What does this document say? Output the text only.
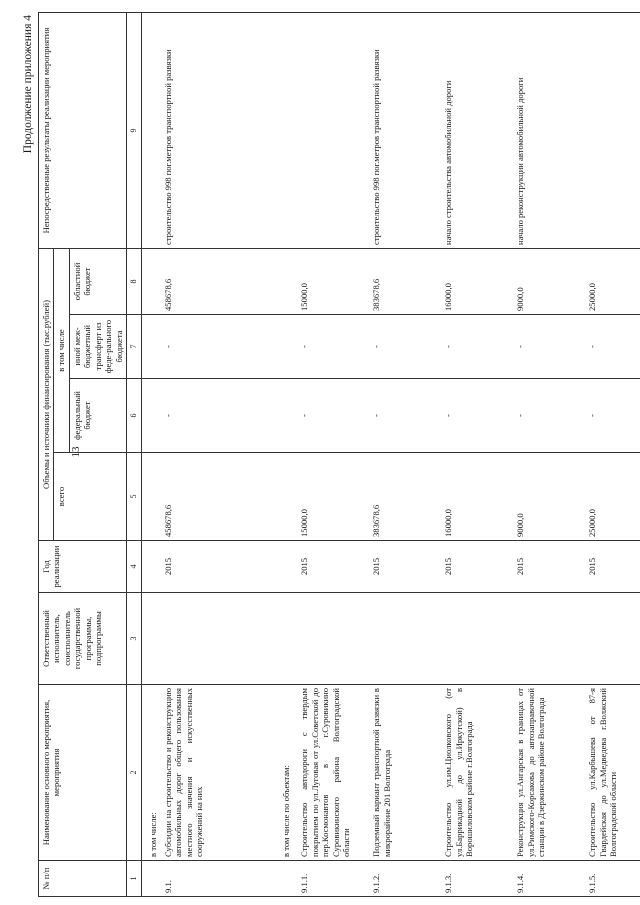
13
Продолжение приложения 4
№ п/п	Наименование основного мероприятия, мероприятия	Ответственный исполнитель, соисполнитель государственной программы, подпрограммы	Год реализации	Объемы и источники финансирования (тыс.рублей)				Непосредственные результаты реализации мероприятия
				всего	в том числе			
					федеральный бюджет	иной меж-бюджетный трансферт из феде-рального бюджета	областной бюджет	
1	2	3	4	5	6	7	8	9
	в том числе:							
9.1.	Субсидии на строительство и реконструкцию автомобильных дорог общего пользования местного значения и искусственных сооружений на них		2015	458678,6	-	-	458678,6	строительство 998 пог.метров транспортной развязки
	в том числе по объектам:							
9.1.1.	Строительство автодороги с твердым покрытием по ул.Луговая от ул.Советской до пер.Космонавтов в г.Суровикино Суровикинского района Волгоградской области		2015	15000,0	-	-	15000,0	
9.1.2.	Подземный вариант транспортной развязки в микрорайоне 201 Волгограда		2015	383678,6	-	-	383678,6	строительство 998 пог.метров транспортной развязки
9.1.3.	Строительство ул.им.Циолковского (от ул.Баррикадной до ул.Иркутской) в Ворошиловском районе г.Волгограда		2015	16000,0	-	-	16000,0	начало строительства автомобильной дороги
9.1.4.	Реконструкция ул.Ангарская в границах от ул.Римского-Корсакова до автозаправочной станции в Дзержинском районе Волгограда		2015	9000,0	-	-	9000,0	начало реконструкции автомобильной дороги
9.1.5.	Строительство ул.Карбышева от 87-я Гвардейская до ул.Медведева г.Волжский Волгоградской области		2015	25000,0	-	-	25000,0	
